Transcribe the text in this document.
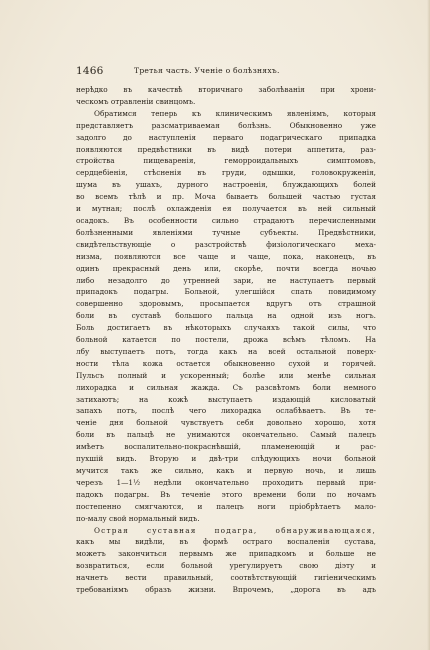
1466	Третья часть. Ученiе о болѣзняхъ.
нерѣдко въ качествѣ вторичнаго заболѣванiя при хрони-
ческомъ отравленiи свинцомъ.
Обратимся теперь къ клиническимъ явленiямъ, которыя
представляетъ разсматриваемая болѣзнь. Обыкновенно уже
задолго до наступленiя перваго подагрическаго припадка
появляются предвѣстники въ видѣ потери аппетита, раз-
стройства пищеваренiя, геморроидальныхъ симптомовъ,
сердцебiенiя, стѣсненiя въ груди, одышки, головокруженiя,
шума въ ушахъ, дурного настроенiя, блуждающихъ болей
во всемъ тѣлѣ и пр. Моча бываетъ большей частью густая
и мутная; послѣ охлажденiя ея получается въ ней сильный
осадокъ. Въ особенности сильно страдаютъ перечисленными
болѣзненными явленiями тучные субъекты. Предвѣстники,
свидѣтельствующiе о разстройствѣ физiологическаго меха-
низма, появляются все чаще и чаще, пока, наконецъ, въ
одинъ прекрасный день или, скорѣе, почти всегда ночью
либо незадолго до утренней зари, не наступаетъ первый
припадокъ подагры. Больной, улегшiйся спать повидимому
совершенно здоровымъ, просыпается вдругъ отъ страшной
боли въ суставѣ большого пальца на одной изъ ногъ.
Боль достигаетъ въ нѣкоторыхъ случаяхъ такой силы, что
больной катается по постели, дрожа всѣмъ тѣломъ. На
лбу выступаетъ потъ, тогда какъ на всей остальной поверх-
ности тѣла кожа остается обыкновенно сухой и горячей.
Пульсъ полный и ускоренный; болѣе или менѣе сильная
лихорадка и сильная жажда. Съ разсвѣтомъ боли немного
затихаютъ; на кожѣ выступаетъ издающiй кисловатый
запахъ потъ, послѣ чего лихорадка ослабѣваетъ. Въ те-
ченiе дня больной чувствуетъ себя довольно хорошо, хотя
боли въ пальцѣ не унимаются окончательно. Самый палецъ
имѣетъ воспалительно-покраснѣвшiй, пламенеющiй и рас-
пухшiй видъ. Вторую и двѣ-три слѣдующихъ ночи больной
мучится такъ же сильно, какъ и первую ночь, и лишь
черезъ 1—1½ недѣли окончательно проходитъ первый при-
падокъ подагры. Въ теченiе этого времени боли по ночамъ
постепенно смягчаются, и палецъ ноги прiобрѣтаетъ мало-
по-малу свой нормальный видъ.
Острая суставная подагра, обнаруживающаяся,
какъ мы видѣли, въ формѣ остраго воспаленiя сустава,
можетъ закончиться первымъ же припадкомъ и больше не
возвратиться, если больной урегулируетъ свою дiэту и
начнетъ вести правильный, соотвѣтствующiй гигiеническимъ
требованiямъ образъ жизни. Впрочемъ, „дорога въ адъ
